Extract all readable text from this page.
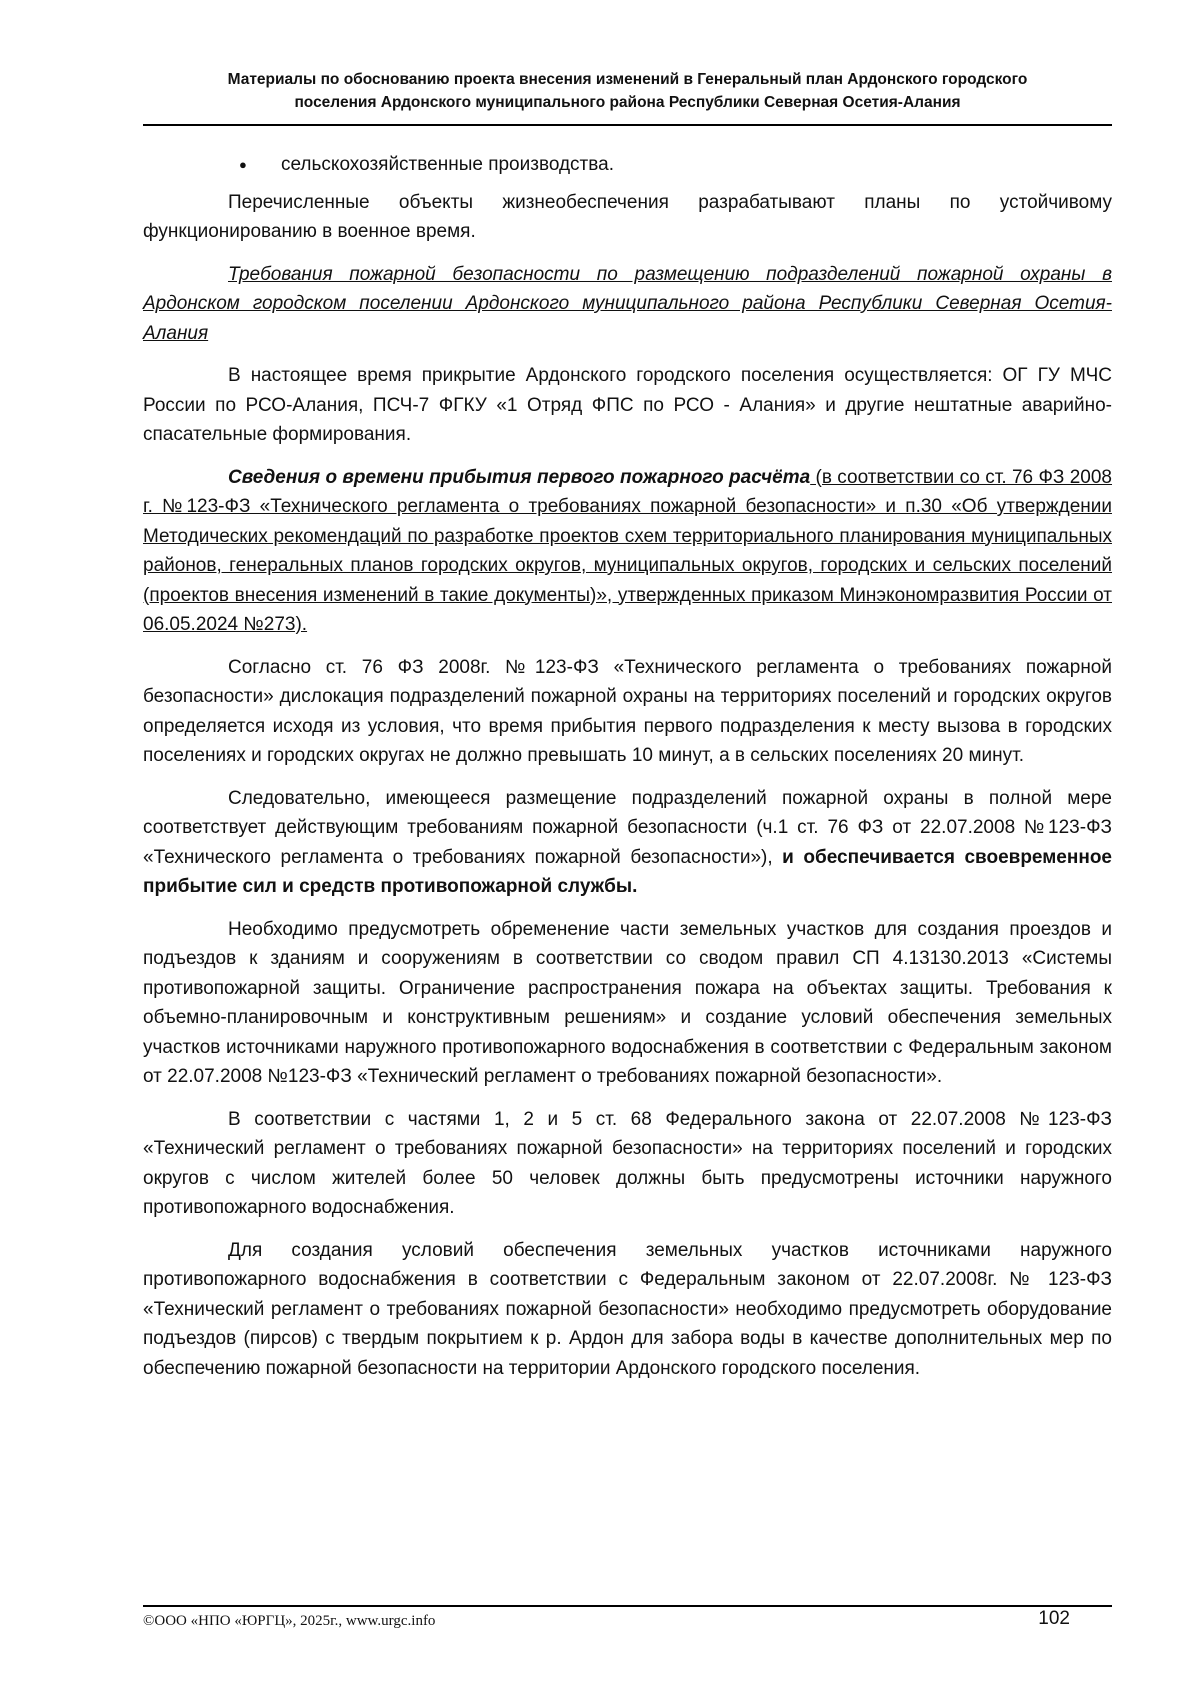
Материалы по обоснованию проекта внесения изменений в Генеральный план Ардонского городского
поселения Ардонского муниципального района Республики Северная Осетия-Алания

● сельскохозяйственные производства.

Перечисленные объекты жизнеобеспечения разрабатывают планы по устойчивому функционированию в военное время.

Требования пожарной безопасности по размещению подразделений пожарной охраны в Ардонском городском поселении Ардонского муниципального района Республики Северная Осетия-Алания

В настоящее время прикрытие Ардонского городского поселения осуществляется: ОГ ГУ МЧС России по РСО-Алания, ПСЧ-7 ФГКУ «1 Отряд ФПС по РСО - Алания» и другие нештатные аварийно-спасательные формирования.

Сведения о времени прибытия первого пожарного расчёта (в соответствии со ст. 76 ФЗ 2008 г. №123-ФЗ «Технического регламента о требованиях пожарной безопасности» и п.30 «Об утверждении Методических рекомендаций по разработке проектов схем территориального планирования муниципальных районов, генеральных планов городских округов, муниципальных округов, городских и сельских поселений (проектов внесения изменений в такие документы)», утвержденных приказом Минэкономразвития России от 06.05.2024 №273).

Согласно ст. 76 ФЗ 2008г. №123-ФЗ «Технического регламента о требованиях пожарной безопасности» дислокация подразделений пожарной охраны на территориях поселений и городских округов определяется исходя из условия, что время прибытия первого подразделения к месту вызова в городских поселениях и городских округах не должно превышать 10 минут, а в сельских поселениях 20 минут.

Следовательно, имеющееся размещение подразделений пожарной охраны в полной мере соответствует действующим требованиям пожарной безопасности (ч.1 ст. 76 ФЗ от 22.07.2008 №123-ФЗ «Технического регламента о требованиях пожарной безопасности»), и обеспечивается своевременное прибытие сил и средств противопожарной службы.

Необходимо предусмотреть обременение части земельных участков для создания проездов и подъездов к зданиям и сооружениям в соответствии со сводом правил СП 4.13130.2013 «Системы противопожарной защиты. Ограничение распространения пожара на объектах защиты. Требования к объемно-планировочным и конструктивным решениям» и создание условий обеспечения земельных участков источниками наружного противопожарного водоснабжения в соответствии с Федеральным законом от 22.07.2008 №123-ФЗ «Технический регламент о требованиях пожарной безопасности».

В соответствии с частями 1, 2 и 5 ст. 68 Федерального закона от 22.07.2008 №123-ФЗ «Технический регламент о требованиях пожарной безопасности» на территориях поселений и городских округов с числом жителей более 50 человек должны быть предусмотрены источники наружного противопожарного водоснабжения.

Для создания условий обеспечения земельных участков источниками наружного противопожарного водоснабжения в соответствии с Федеральным законом от 22.07.2008г. № 123-ФЗ «Технический регламент о требованиях пожарной безопасности» необходимо предусмотреть оборудование подъездов (пирсов) с твердым покрытием к р. Ардон для забора воды в качестве дополнительных мер по обеспечению пожарной безопасности на территории Ардонского городского поселения.

©ООО «НПО «ЮРГЦ», 2025г., www.urgc.info	102
